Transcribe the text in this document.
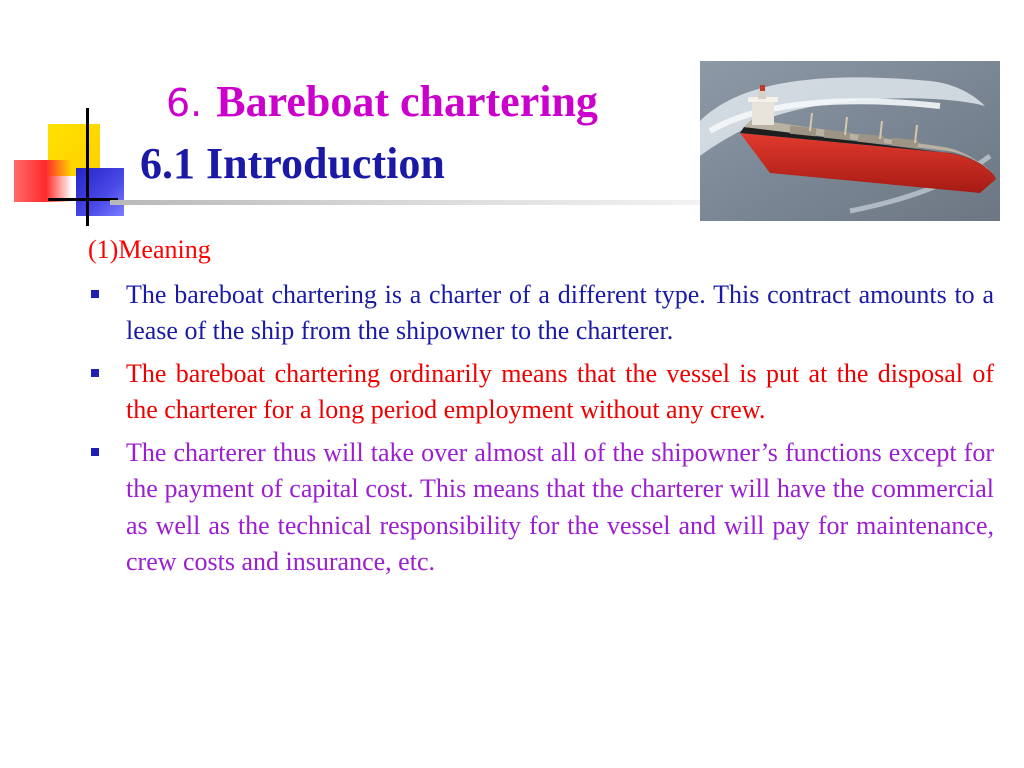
6. Bareboat chartering
6.1 Introduction
(1)Meaning
The bareboat chartering is a charter of a different type. This contract amounts to a lease of the ship from the shipowner to the charterer.
The bareboat chartering ordinarily means that the vessel is put at the disposal of the charterer for a long period employment without any crew.
The charterer thus will take over almost all of the shipowner’s functions except for the payment of capital cost. This means that the charterer will have the commercial as well as the technical responsibility for the vessel and will pay for maintenance, crew costs and insurance, etc.
